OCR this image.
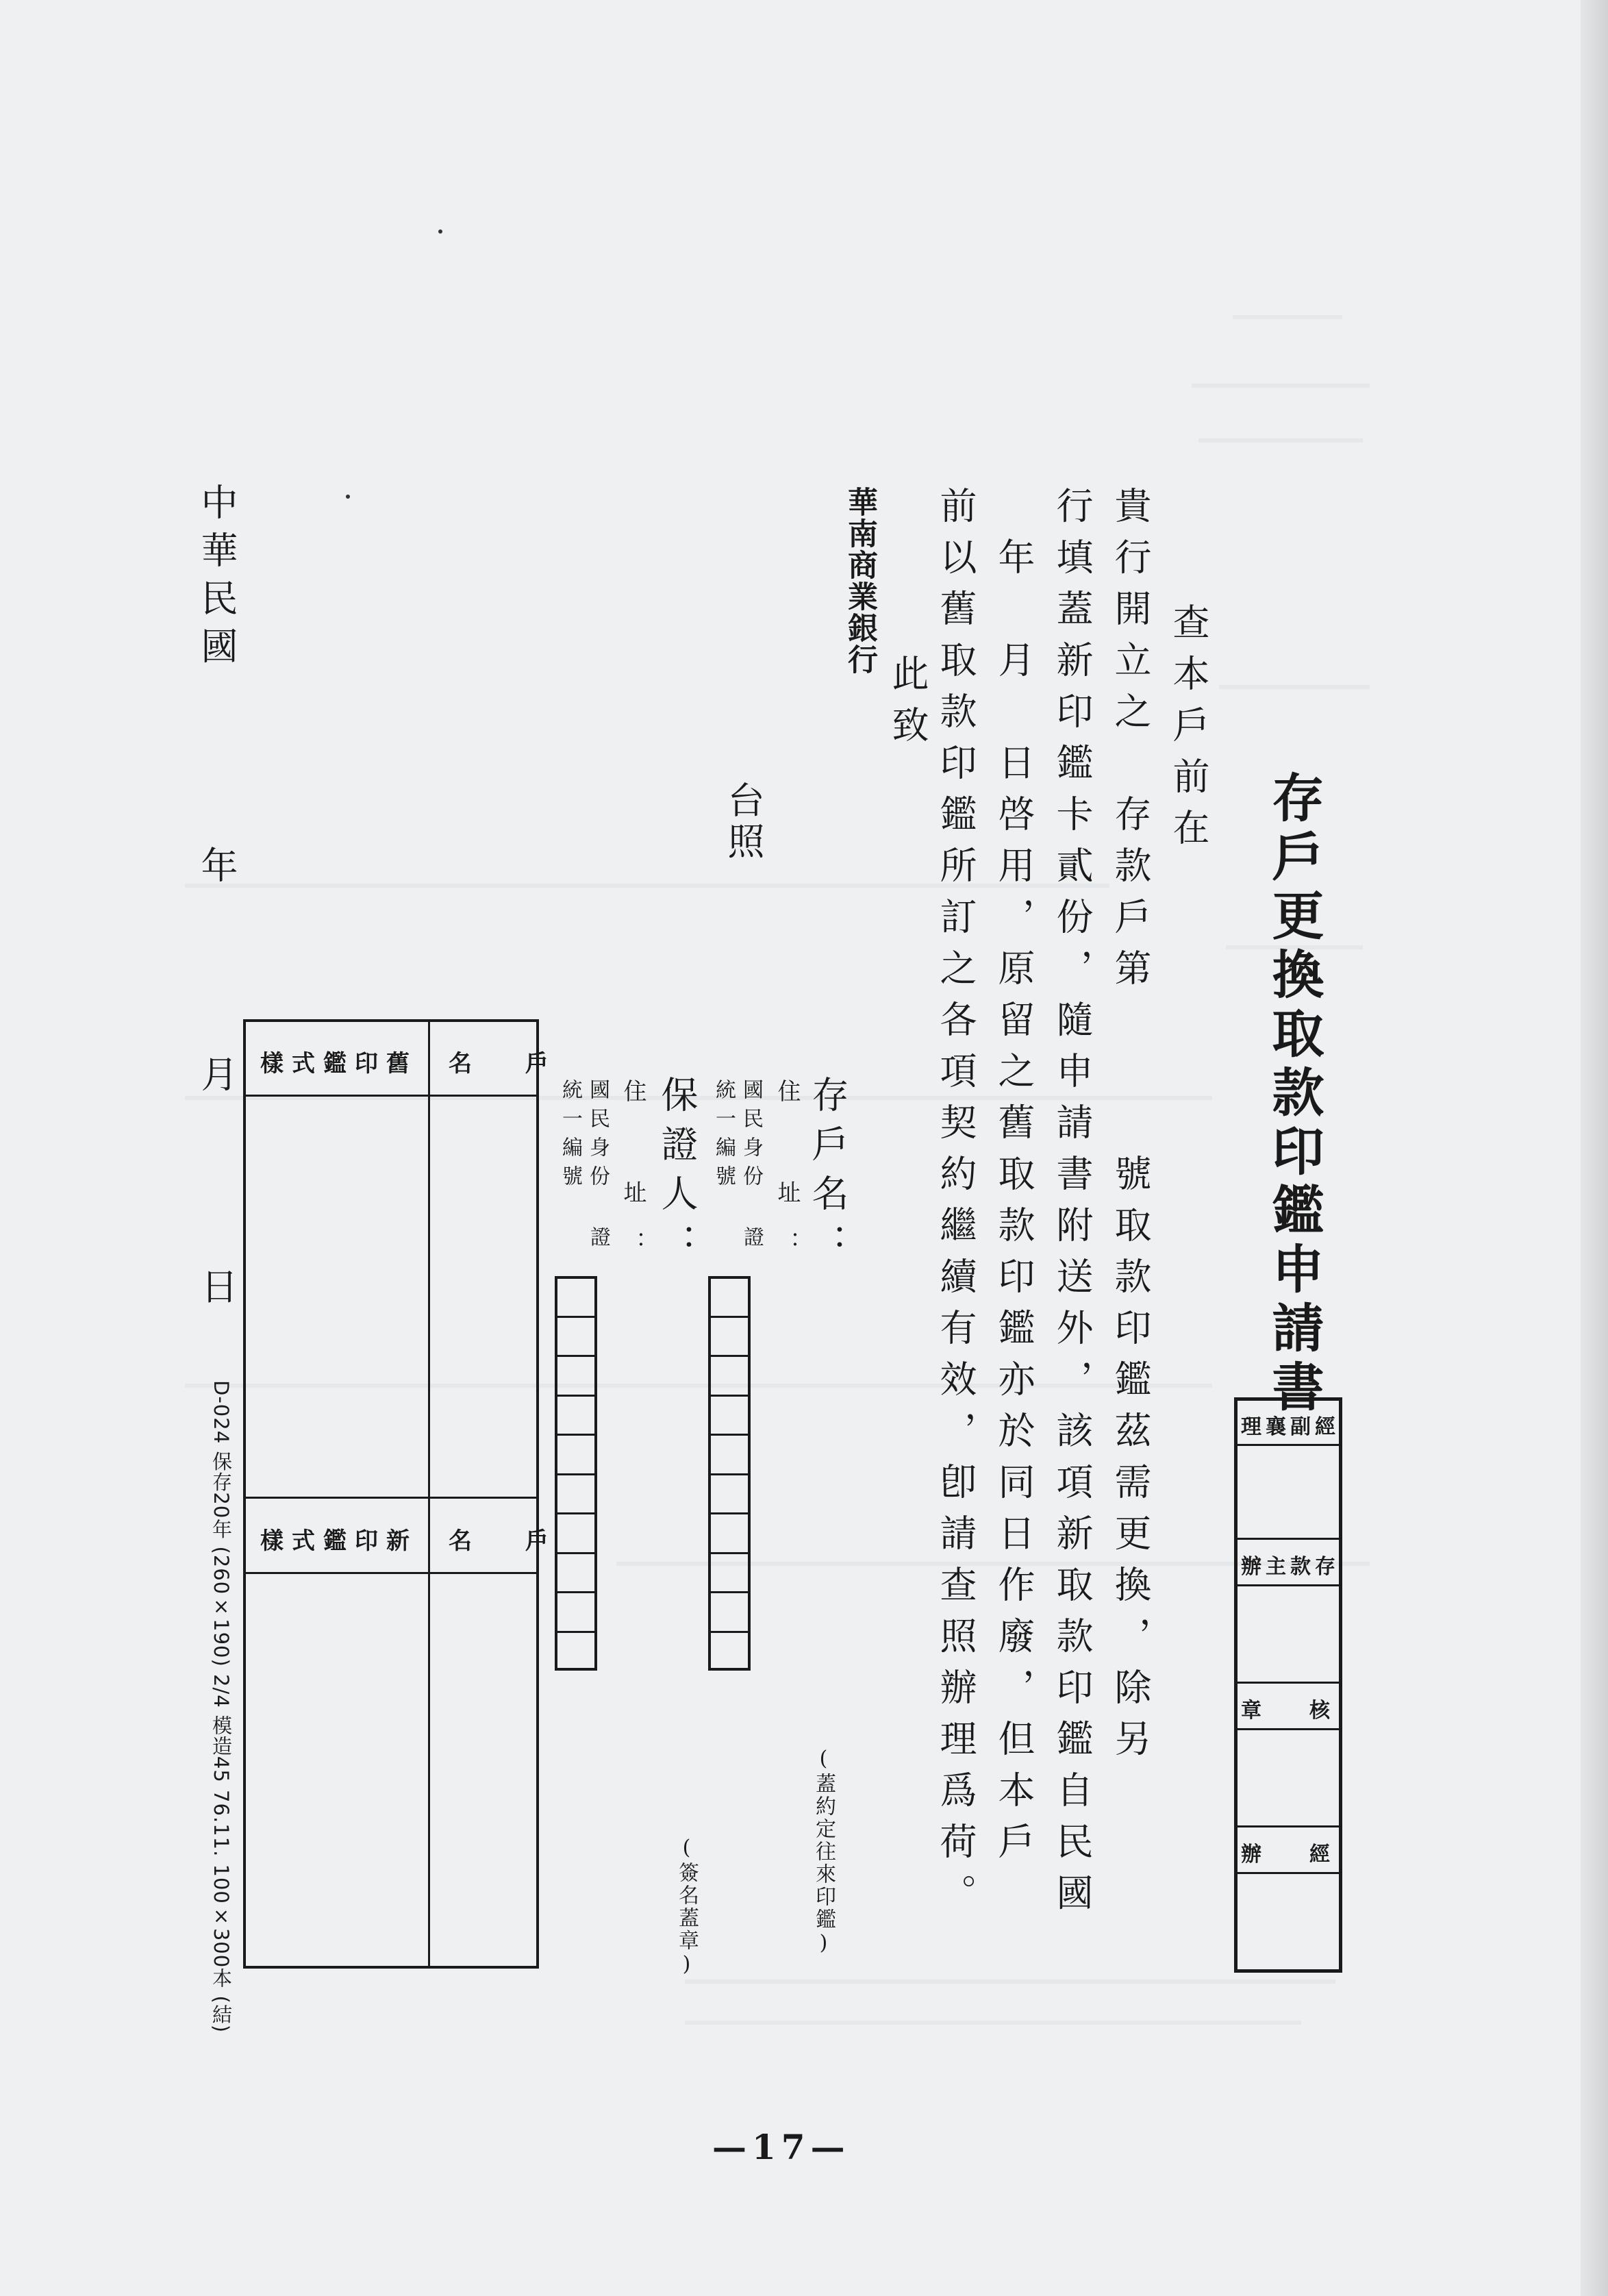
存戶更換取款印鑑申請書
查本戶前在
貴行開立之　存款戶第　　　號取款印鑑茲需更換，除另
行填蓋新印鑑卡貳份，隨申請書附送外，該項新取款印鑑自民國
　年　月　日啓用，原留之舊取款印鑑亦於同日作廢，但本戶
前以舊取款印鑑所訂之各項契約繼續有效，卽請查照辦理爲荷。
此致
華南商業銀行
台照
存戶名：
住　址：
國民身份
統一編號
證
(蓋約定往來印鑑)
保證人：
住　址：
國民身份
統一編號
證
(簽名蓋章)
舊印鑑式樣 戶　名
新印鑑式樣 戶　名
中華民國
年
月
日
D-024 保存20年 (260×190) 2/4 模造45 76.11. 100×300本 (結)	經副襄理
存款主辦
核　章
經　辦
—17—
